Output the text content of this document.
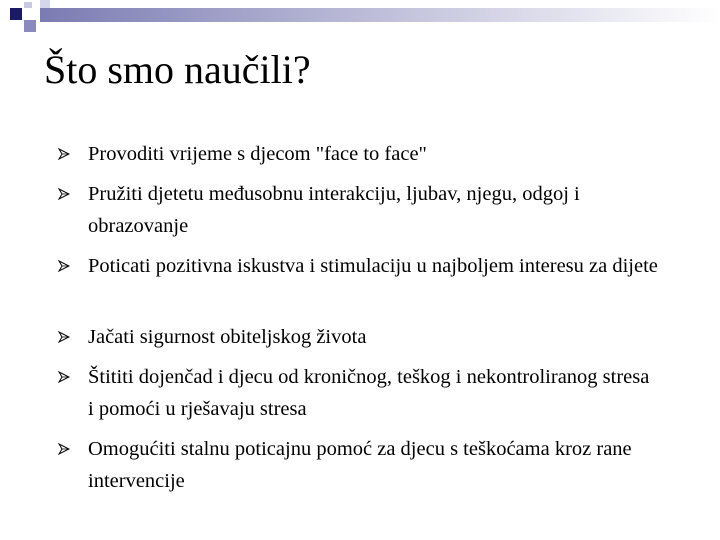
Što smo naučili?
Provoditi vrijeme s djecom "face to face"
Pružiti djetetu međusobnu interakciju, ljubav, njegu, odgoj i obrazovanje
Poticati pozitivna iskustva i stimulaciju u najboljem interesu za dijete
Jačati sigurnost obiteljskog života
Štititi dojenčad i djecu od kroničnog, teškog i nekontroliranog stresa i pomoći u rješavaju stresa
Omogućiti stalnu poticajnu pomoć za djecu s teškoćama kroz rane intervencije
